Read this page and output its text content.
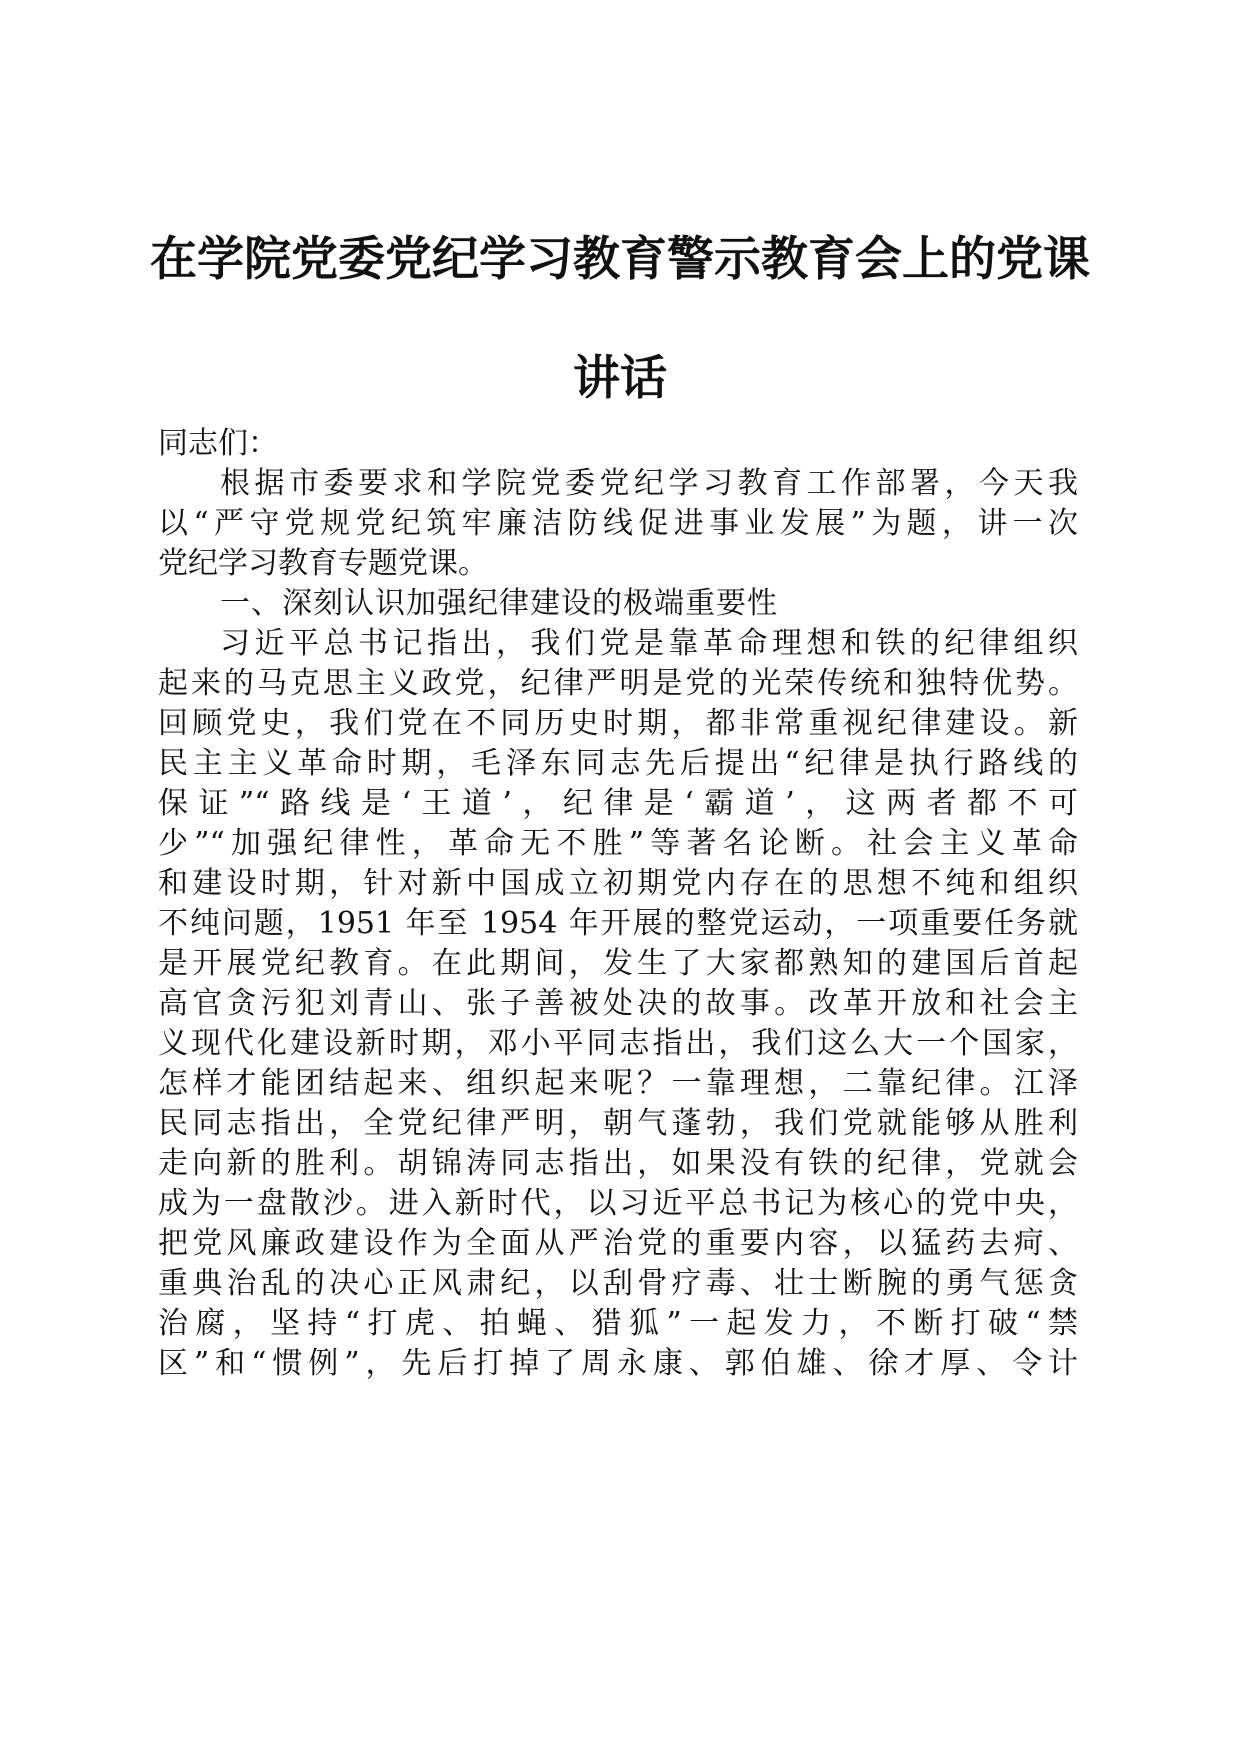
在学院党委党纪学习教育警示教育会上的党课
讲话
同志们：
根据市委要求和学院党委党纪学习教育工作部署，今天我
以“严守党规党纪筑牢廉洁防线促进事业发展”为题，讲一次
党纪学习教育专题党课。
一、深刻认识加强纪律建设的极端重要性
习近平总书记指出，我们党是靠革命理想和铁的纪律组织
起来的马克思主义政党，纪律严明是党的光荣传统和独特优势。
回顾党史，我们党在不同历史时期，都非常重视纪律建设。新
民主主义革命时期，毛泽东同志先后提出“纪律是执行路线的
保证”“路线是‘王道’，纪律是‘霸道’，这两者都不可
少”“加强纪律性，革命无不胜”等著名论断。社会主义革命
和建设时期，针对新中国成立初期党内存在的思想不纯和组织
不纯问题，1951 年至 1954 年开展的整党运动，一项重要任务就
是开展党纪教育。在此期间，发生了大家都熟知的建国后首起
高官贪污犯刘青山、张子善被处决的故事。改革开放和社会主
义现代化建设新时期，邓小平同志指出，我们这么大一个国家，
怎样才能团结起来、组织起来呢？一靠理想，二靠纪律。江泽
民同志指出，全党纪律严明，朝气蓬勃，我们党就能够从胜利
走向新的胜利。胡锦涛同志指出，如果没有铁的纪律，党就会
成为一盘散沙。进入新时代，以习近平总书记为核心的党中央，
把党风廉政建设作为全面从严治党的重要内容，以猛药去疴、
重典治乱的决心正风肃纪，以刮骨疗毒、壮士断腕的勇气惩贪
治腐，坚持“打虎、拍蝇、猎狐”一起发力，不断打破“禁
区”和“惯例”，先后打掉了周永康、郭伯雄、徐才厚、令计
